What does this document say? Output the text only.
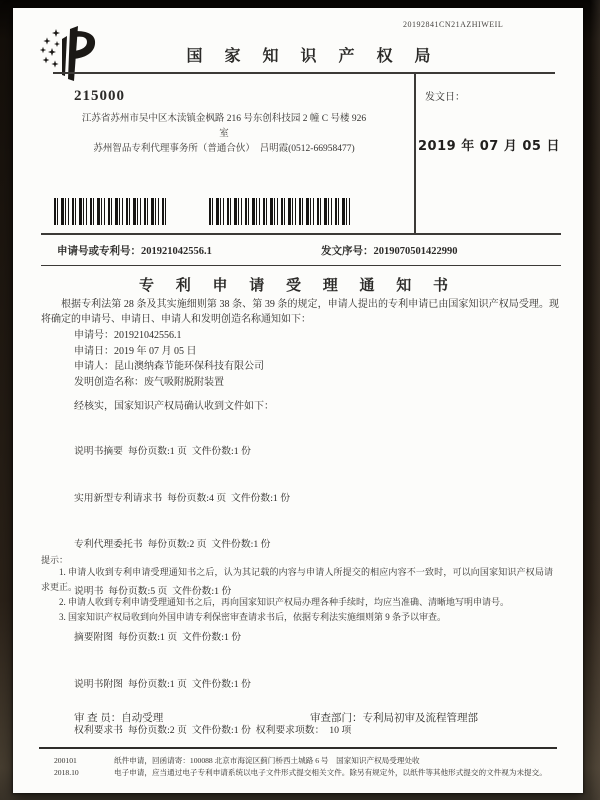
20192841CN21AZHIWEIL
国 家 知 识 产 权 局
215000
江苏省苏州市吴中区木渎镇金枫路 216 号东创科技园 2 幢 C 号楼 926
室
苏州智品专利代理事务所（普通合伙）　吕明霞(0512-66958477)
发文日：
2019 年 07 月 05 日
申请号或专利号：201921042556.1	发文序号：2019070501422990
专 利 申 请 受 理 通 知 书
根据专利法第 28 条及其实施细则第 38 条、第 39 条的规定，申请人提出的专利申请已由国家知识产权局受理。现将确定的申请号、申请日、申请人和发明创造名称通知如下：
申请号：201921042556.1
申请日：2019 年 07 月 05 日
申请人：昆山澳纳森节能环保科技有限公司
发明创造名称：废气吸附脱附装置
经核实，国家知识产权局确认收到文件如下：

说明书摘要  每份页数:1 页  文件份数:1 份

实用新型专利请求书  每份页数:4 页  文件份数:1 份

专利代理委托书  每份页数:2 页  文件份数:1 份

说明书  每份页数:5 页  文件份数:1 份

摘要附图  每份页数:1 页  文件份数:1 份

说明书附图  每份页数:1 页  文件份数:1 份

权利要求书  每份页数:2 页  文件份数:1 份  权利要求项数：  10 项

提示：

1. 申请人收到专利申请受理通知书之后，认为其记载的内容与申请人所提交的相应内容不一致时，可以向国家知识产权局请求更正。

2. 申请人收到专利申请受理通知书之后，再向国家知识产权局办理各种手续时，均应当准确、清晰地写明申请号。

3. 国家知识产权局收到向外国申请专利保密审查请求书后，依据专利法实施细则第 9 条予以审查。

审 查 员：自动受理	审查部门：专利局初审及流程管理部
200101	纸件申请，回函请寄：100088 北京市海淀区蓟门桥西土城路 6 号　国家知识产权局受理处收
2018.10	电子申请，应当通过电子专利申请系统以电子文件形式提交相关文件。除另有规定外，以纸件等其他形式提交的文件视为未提交。
